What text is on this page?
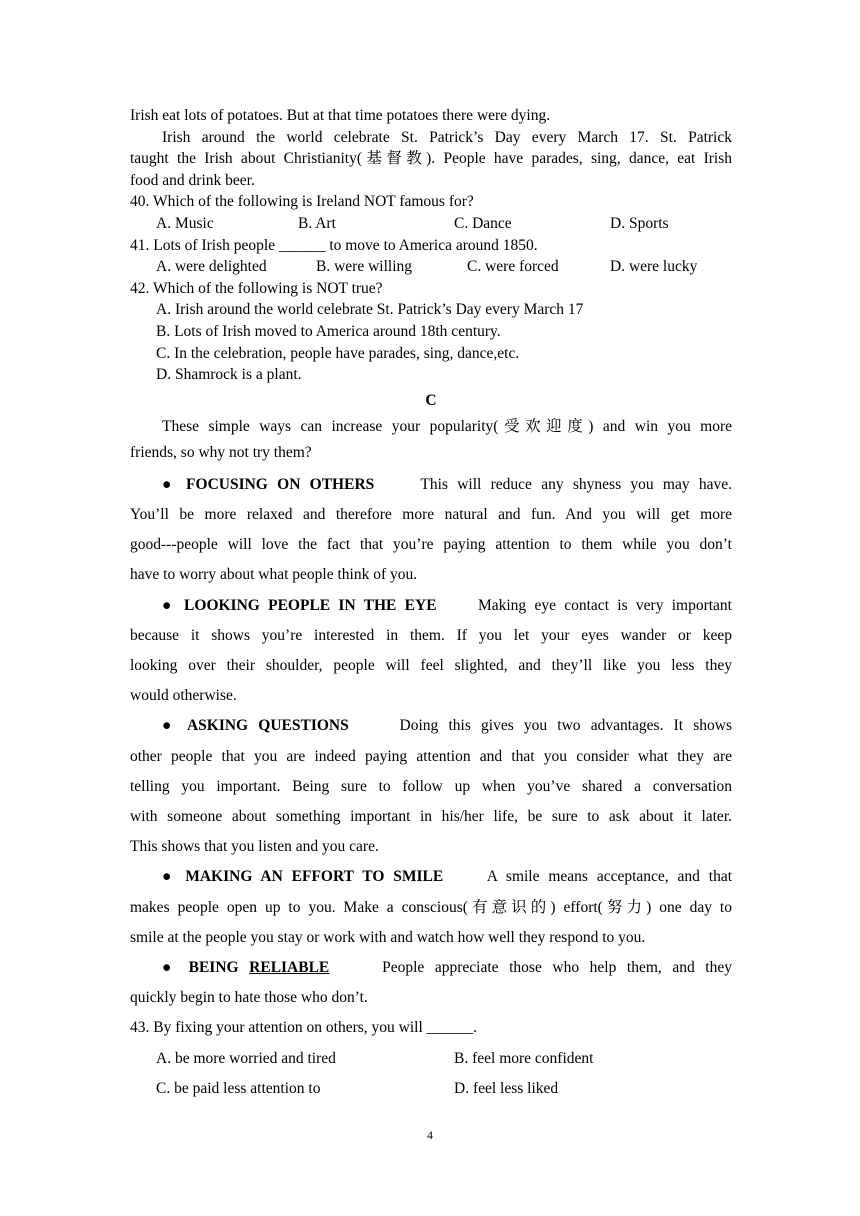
Irish eat lots of potatoes. But at that time potatoes there were dying.

Irish around the world celebrate St. Patrick’s Day every March 17. St. Patrick

taught the Irish about Christianity(基督教). People have parades, sing, dance, eat Irish

food and drink beer.

40. Which of the following is Ireland NOT famous for?

A. Music	B. Art	C. Dance	D. Sports

41. Lots of Irish people ______ to move to America around 1850.

A. were delighted	B. were willing	C. were forced	D. were lucky

42. Which of the following is NOT true?

A. Irish around the world celebrate St. Patrick’s Day every March 17

B. Lots of Irish moved to America around 18th century.

C. In the celebration, people have parades, sing, dance,etc.

D. Shamrock is a plant.

C

These simple ways can increase your popularity(受欢迎度) and win you more

friends, so why not try them?

● FOCUSING ON OTHERS	This will reduce any shyness you may have.

You’ll be more relaxed and therefore more natural and fun. And you will get more

good---people will love the fact that you’re paying attention to them while you don’t

have to worry about what people think of you.

● LOOKING PEOPLE IN THE EYE	Making eye contact is very important

because it shows you’re interested in them. If you let your eyes wander or keep

looking over their shoulder, people will feel slighted, and they’ll like you less they

would otherwise.

● ASKING QUESTIONS	Doing this gives you two advantages. It shows

other people that you are indeed paying attention and that you consider what they are

telling you important. Being sure to follow up when you’ve shared a conversation

with someone about something important in his/her life, be sure to ask about it later.

This shows that you listen and you care.

● MAKING AN EFFORT TO SMILE	A smile means acceptance, and that

makes people open up to you. Make a conscious(有意识的) effort(努力) one day to

smile at the people you stay or work with and watch how well they respond to you.

● BEING RELIABLE	People appreciate those who help them, and they

quickly begin to hate those who don’t.

43. By fixing your attention on others, you will ______.

A. be more worried and tired	B. feel more confident
C. be paid less attention to	D. feel less liked
4
